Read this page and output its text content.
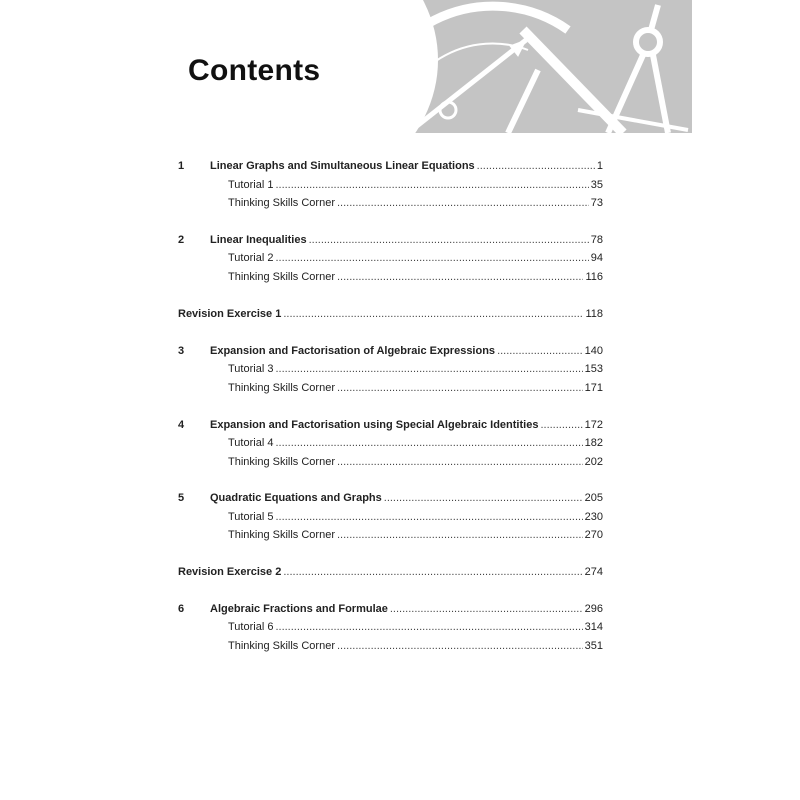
Contents
1	Linear Graphs and Simultaneous Linear Equations .....	1
Tutorial 1 .....	35
Thinking Skills Corner .....	73
2	Linear Inequalities .....	78
Tutorial 2 .....	94
Thinking Skills Corner .....	116
Revision Exercise 1 .....	118
3	Expansion and Factorisation of Algebraic Expressions .....	140
Tutorial 3 .....	153
Thinking Skills Corner .....	171
4	Expansion and Factorisation using Special Algebraic Identities .....	172
Tutorial 4 .....	182
Thinking Skills Corner .....	202
5	Quadratic Equations and Graphs .....	205
Tutorial 5 .....	230
Thinking Skills Corner .....	270
Revision Exercise 2 .....	274
6	Algebraic Fractions and Formulae .....	296
Tutorial 6 .....	314
Thinking Skills Corner .....	351
